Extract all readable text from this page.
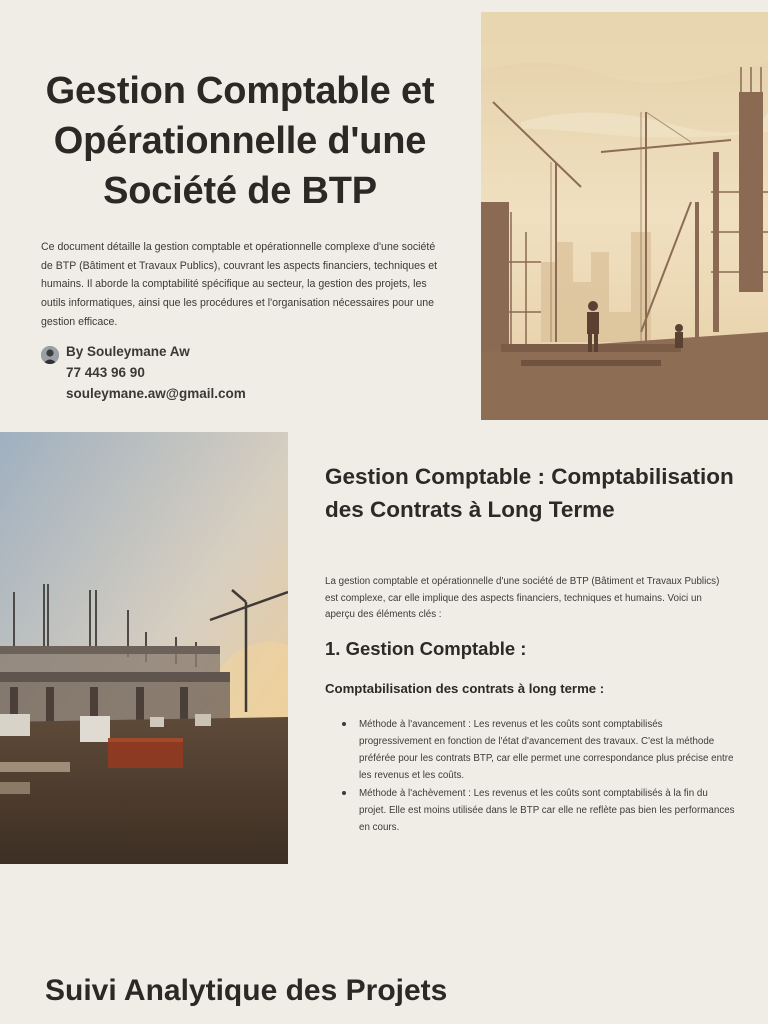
Gestion Comptable et Opérationnelle d'une Société de BTP

Ce document détaille la gestion comptable et opérationnelle complexe d'une société de BTP (Bâtiment et Travaux Publics), couvrant les aspects financiers, techniques et humains. Il aborde la comptabilité spécifique au secteur, la gestion des projets, les outils informatiques, ainsi que les procédures et l'organisation nécessaires pour une gestion efficace.

By Souleymane Aw
77 443 96 90
souleymane.aw@gmail.com
Gestion Comptable : Comptabilisation des Contrats à Long Terme

La gestion comptable et opérationnelle d'une société de BTP (Bâtiment et Travaux Publics) est complexe, car elle implique des aspects financiers, techniques et humains. Voici un aperçu des éléments clés :

1. Gestion Comptable :
Comptabilisation des contrats à long terme :
Méthode à l'avancement : Les revenus et les coûts sont comptabilisés progressivement en fonction de l'état d'avancement des travaux. C'est la méthode préférée pour les contrats BTP, car elle permet une correspondance plus précise entre les revenus et les coûts.
Méthode à l'achèvement : Les revenus et les coûts sont comptabilisés à la fin du projet. Elle est moins utilisée dans le BTP car elle ne reflète pas bien les performances en cours.
Suivi Analytique des Projets
